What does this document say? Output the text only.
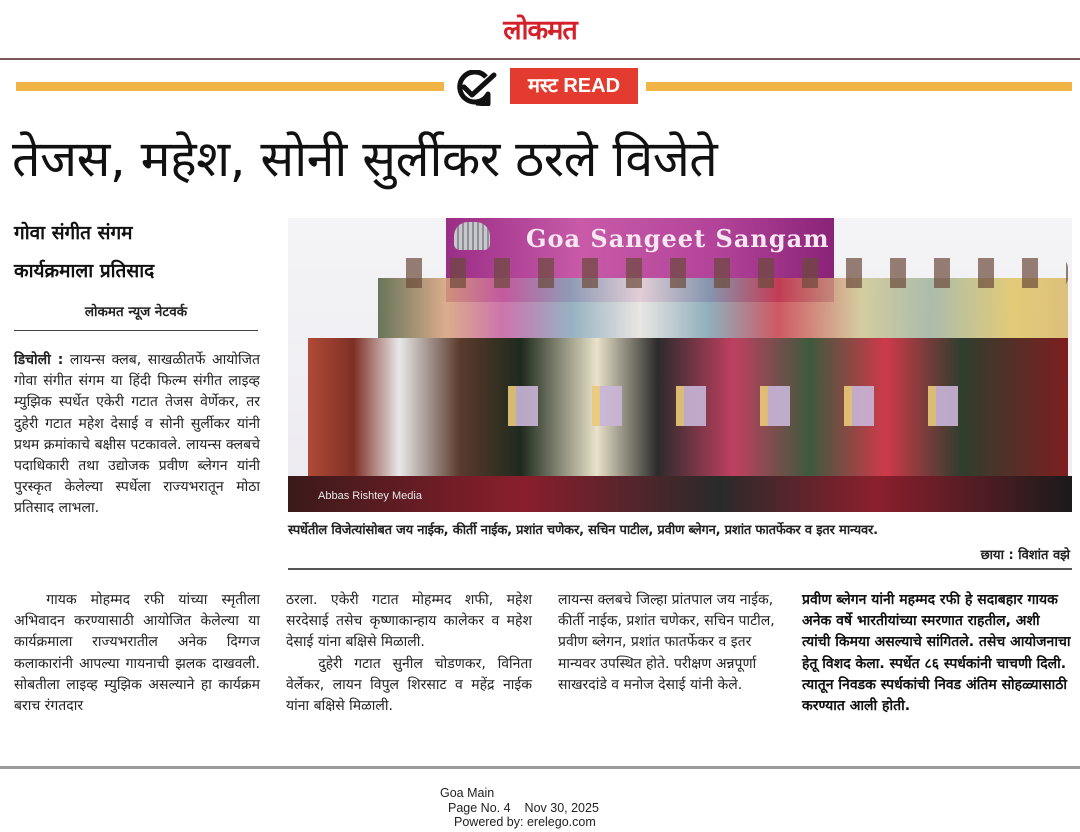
लोकमत
मस्ट READ
तेजस, महेश, सोनी सुर्लीकर ठरले विजेते
गोवा संगीत संगम
कार्यक्रमाला प्रतिसाद
लोकमत न्यूज नेटवर्क

डिचोली : लायन्स क्लब, साखळीतर्फे आयोजित गोवा संगीत संगम या हिंदी फिल्म संगीत लाइव्ह म्युझिक स्पर्धेत एकेरी गटात तेजस वेर्णेकर, तर दुहेरी गटात महेश देसाई व सोनी सुर्लीकर यांनी प्रथम क्रमांकाचे बक्षीस पटकावले. लायन्स क्लबचे पदाधिकारी तथा उद्योजक प्रवीण ब्लेगन यांनी पुरस्कृत केलेल्या स्पर्धेला राज्यभरातून मोठा प्रतिसाद लाभला.

Goa Sangeet Sangam
Abbas Rishtey Media
स्पर्धेतील विजेत्यांसोबत जय नाईक, कीर्ती नाईक, प्रशांत चणेकर, सचिन पाटील, प्रवीण ब्लेगन, प्रशांत फातर्फेकर व इतर मान्यवर.
छाया : विशांत वझे

गायक मोहम्मद रफी यांच्या स्मृतीला अभिवादन करण्यासाठी आयोजित केलेल्या या कार्यक्रमाला राज्यभरातील अनेक दिग्गज कलाकारांनी आपल्या गायनाची झलक दाखवली. सोबतीला लाइव्ह म्युझिक असल्याने हा कार्यक्रम बराच रंगतदार

ठरला. एकेरी गटात मोहम्मद शफी, महेश सरदेसाई तसेच कृष्णाकान्हाय कालेकर व महेश देसाई यांना बक्षिसे मिळाली.

दुहेरी गटात सुनील चोडणकर, विनिता वेर्लेकर, लायन विपुल शिरसाट व महेंद्र नाईक यांना बक्षिसे मिळाली.

लायन्स क्लबचे जिल्हा प्रांतपाल जय नाईक, कीर्ती नाईक, प्रशांत चणेकर, सचिन पाटील, प्रवीण ब्लेगन, प्रशांत फातर्फेकर व इतर मान्यवर उपस्थित होते. परीक्षण अन्नपूर्णा साखरदांडे व मनोज देसाई यांनी केले.

प्रवीण ब्लेगन यांनी महम्मद रफी हे सदाबहार गायक अनेक वर्षे भारतीयांच्या स्मरणात राहतील, अशी त्यांची किमया असल्याचे सांगितले. तसेच आयोजनाचा हेतू विशद केला. स्पर्धेत ८६ स्पर्धकांनी चाचणी दिली. त्यातून निवडक स्पर्धकांची निवड अंतिम सोहळ्यासाठी करण्यात आली होती.

Goa Main
Page No. 4 Nov 30, 2025
Powered by: erelego.com
